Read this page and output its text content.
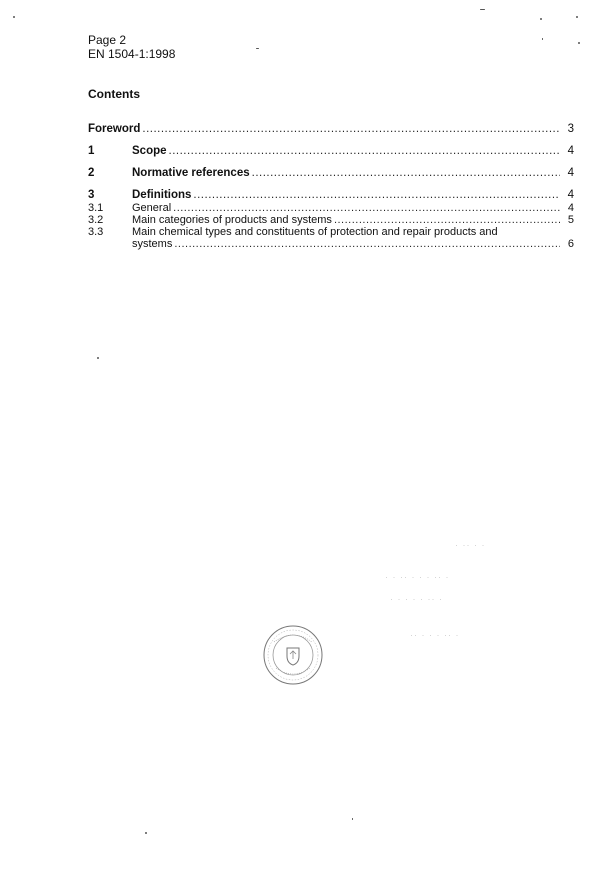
Page 2
EN 1504-1:1998
Contents
Foreword .....	3
1	Scope .....	4
2	Normative references .....	4
3	Definitions .....	4
3.1	General .....	4
3.2	Main categories of products and systems .....	5
3.3	Main chemical types and constituents of protection and repair products and
systems .....	6
· ·· · ·
· · ·· · · · ·· ·
· · · · · ·· ·
·· · · · ·· ·
